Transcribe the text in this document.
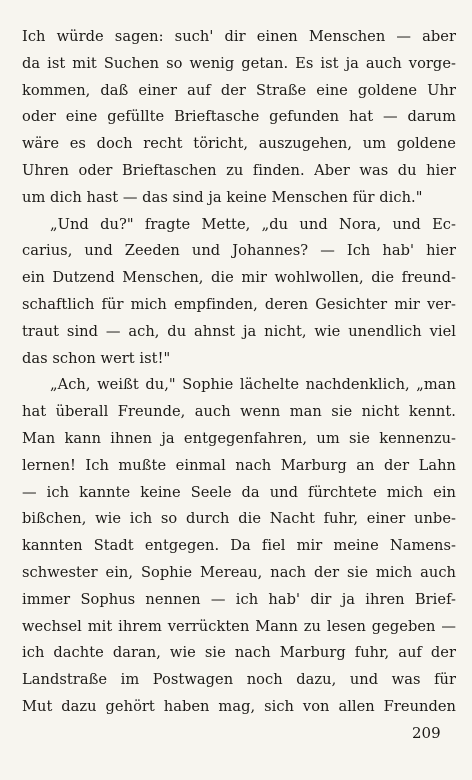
Ich würde sagen: such' dir einen Menschen — aber
da ist mit Suchen so wenig getan. Es ist ja auch vorge-
kommen, daß einer auf der Straße eine goldene Uhr
oder eine gefüllte Brieftasche gefunden hat — darum
wäre es doch recht töricht, auszugehen, um goldene
Uhren oder Brieftaschen zu finden. Aber was du hier
um dich hast — das sind ja keine Menschen für dich."
„Und du?" fragte Mette, „du und Nora, und Ec-
carius, und Zeeden und Johannes? — Ich hab' hier
ein Dutzend Menschen, die mir wohlwollen, die freund-
schaftlich für mich empfinden, deren Gesichter mir ver-
traut sind — ach, du ahnst ja nicht, wie unendlich viel
das schon wert ist!"
„Ach, weißt du," Sophie lächelte nachdenklich, „man
hat überall Freunde, auch wenn man sie nicht kennt.
Man kann ihnen ja entgegenfahren, um sie kennenzu-
lernen! Ich mußte einmal nach Marburg an der Lahn
— ich kannte keine Seele da und fürchtete mich ein
bißchen, wie ich so durch die Nacht fuhr, einer unbe-
kannten Stadt entgegen. Da fiel mir meine Namens-
schwester ein, Sophie Mereau, nach der sie mich auch
immer Sophus nennen — ich hab' dir ja ihren Brief-
wechsel mit ihrem verrückten Mann zu lesen gegeben —
ich dachte daran, wie sie nach Marburg fuhr, auf der
Landstraße im Postwagen noch dazu, und was für
Mut dazu gehört haben mag, sich von allen Freunden
209
